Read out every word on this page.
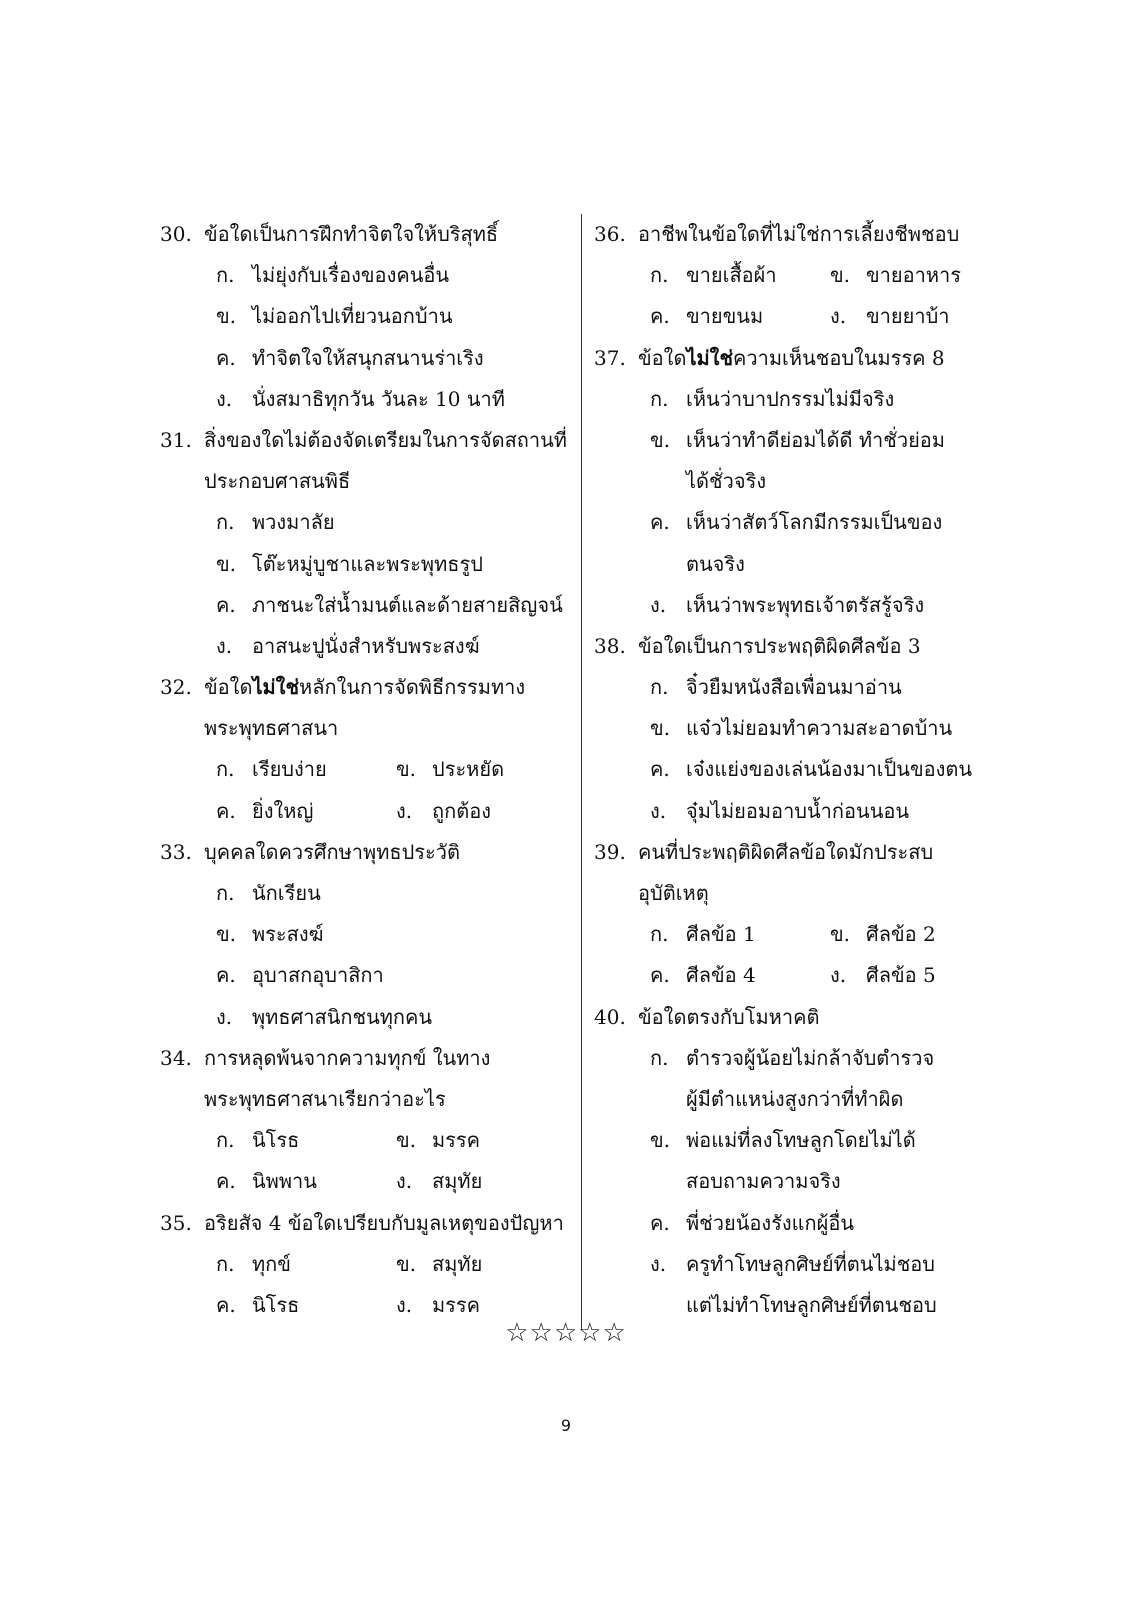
30. ข้อใดเป็นการฝึกทำจิตใจให้บริสุทธิ์
ก. ไม่ยุ่งกับเรื่องของคนอื่น
ข. ไม่ออกไปเที่ยวนอกบ้าน
ค. ทำจิตใจให้สนุกสนานร่าเริง
ง. นั่งสมาธิทุกวัน วันละ 10 นาที
31. สิ่งของใดไม่ต้องจัดเตรียมในการจัดสถานที่
ประกอบศาสนพิธี
ก. พวงมาลัย
ข. โต๊ะหมู่บูชาและพระพุทธรูป
ค. ภาชนะใส่น้ำมนต์และด้ายสายสิญจน์
ง. อาสนะปูนั่งสำหรับพระสงฆ์
32. ข้อใดไม่ใช่หลักในการจัดพิธีกรรมทาง
พระพุทธศาสนา
ก. เรียบง่าย	ข. ประหยัด
ค. ยิ่งใหญ่	ง. ถูกต้อง
33. บุคคลใดควรศึกษาพุทธประวัติ
ก. นักเรียน
ข. พระสงฆ์
ค. อุบาสกอุบาสิกา
ง. พุทธศาสนิกชนทุกคน
34. การหลุดพ้นจากความทุกข์ ในทาง
พระพุทธศาสนาเรียกว่าอะไร
ก. นิโรธ	ข. มรรค
ค. นิพพาน	ง. สมุทัย
35. อริยสัจ 4 ข้อใดเปรียบกับมูลเหตุของปัญหา
ก. ทุกข์	ข. สมุทัย
ค. นิโรธ	ง. มรรค
36. อาชีพในข้อใดที่ไม่ใช่การเลี้ยงชีพชอบ
ก. ขายเสื้อผ้า	ข. ขายอาหาร
ค. ขายขนม	ง. ขายยาบ้า
37. ข้อใดไม่ใช่ความเห็นชอบในมรรค 8
ก. เห็นว่าบาปกรรมไม่มีจริง
ข. เห็นว่าทำดีย่อมได้ดี ทำชั่วย่อม
ได้ชั่วจริง
ค. เห็นว่าสัตว์โลกมีกรรมเป็นของ
ตนจริง
ง. เห็นว่าพระพุทธเจ้าตรัสรู้จริง
38. ข้อใดเป็นการประพฤติผิดศีลข้อ 3
ก. จิ๋วยืมหนังสือเพื่อนมาอ่าน
ข. แจ๋วไม่ยอมทำความสะอาดบ้าน
ค. เจ๋งแย่งของเล่นน้องมาเป็นของตน
ง. จุ๋มไม่ยอมอาบน้ำก่อนนอน
39. คนที่ประพฤติผิดศีลข้อใดมักประสบ
อุบัติเหตุ
ก. ศีลข้อ 1	ข. ศีลข้อ 2
ค. ศีลข้อ 4	ง. ศีลข้อ 5
40. ข้อใดตรงกับโมหาคติ
ก. ตำรวจผู้น้อยไม่กล้าจับตำรวจ
ผู้มีตำแหน่งสูงกว่าที่ทำผิด
ข. พ่อแม่ที่ลงโทษลูกโดยไม่ได้
สอบถามความจริง
ค. พี่ช่วยน้องรังแกผู้อื่น
ง. ครูทำโทษลูกศิษย์ที่ตนไม่ชอบ
แต่ไม่ทำโทษลูกศิษย์ที่ตนชอบ
☆☆☆☆☆
9
